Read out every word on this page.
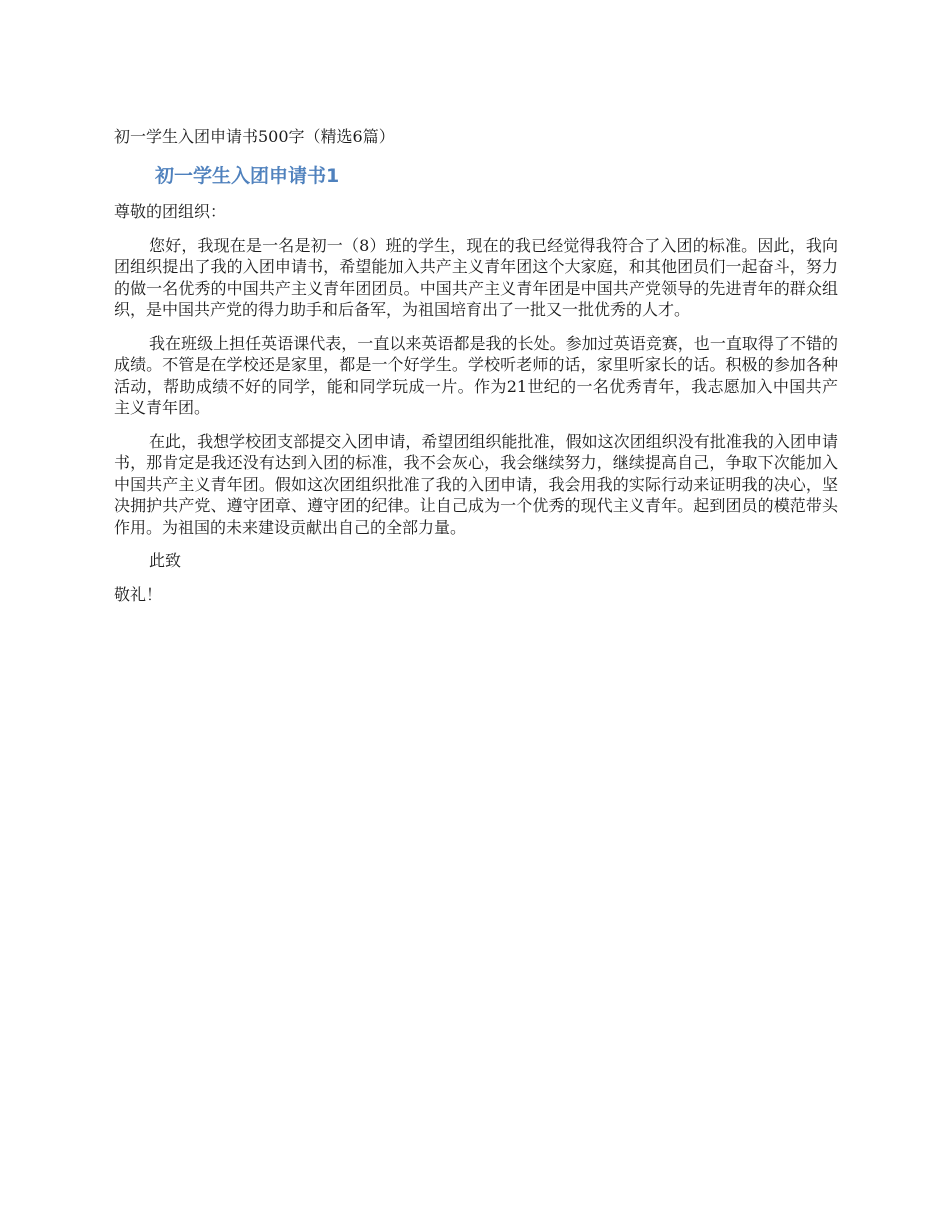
初一学生入团申请书500字（精选6篇）
初一学生入团申请书1
尊敬的团组织：
您好，我现在是一名是初一（8）班的学生，现在的我已经觉得我符合了入团的标准。因此，我向团组织提出了我的入团申请书，希望能加入共产主义青年团这个大家庭，和其他团员们一起奋斗，努力的做一名优秀的中国共产主义青年团团员。中国共产主义青年团是中国共产党领导的先进青年的群众组织，是中国共产党的得力助手和后备军，为祖国培育出了一批又一批优秀的人才。
我在班级上担任英语课代表，一直以来英语都是我的长处。参加过英语竞赛，也一直取得了不错的成绩。不管是在学校还是家里，都是一个好学生。学校听老师的话，家里听家长的话。积极的参加各种活动，帮助成绩不好的同学，能和同学玩成一片。作为21世纪的一名优秀青年，我志愿加入中国共产主义青年团。
在此，我想学校团支部提交入团申请，希望团组织能批准，假如这次团组织没有批准我的入团申请书，那肯定是我还没有达到入团的标准，我不会灰心，我会继续努力，继续提高自己，争取下次能加入中国共产主义青年团。假如这次团组织批准了我的入团申请，我会用我的实际行动来证明我的决心，坚决拥护共产党、遵守团章、遵守团的纪律。让自己成为一个优秀的现代主义青年。起到团员的模范带头作用。为祖国的未来建设贡献出自己的全部力量。
此致
敬礼！
